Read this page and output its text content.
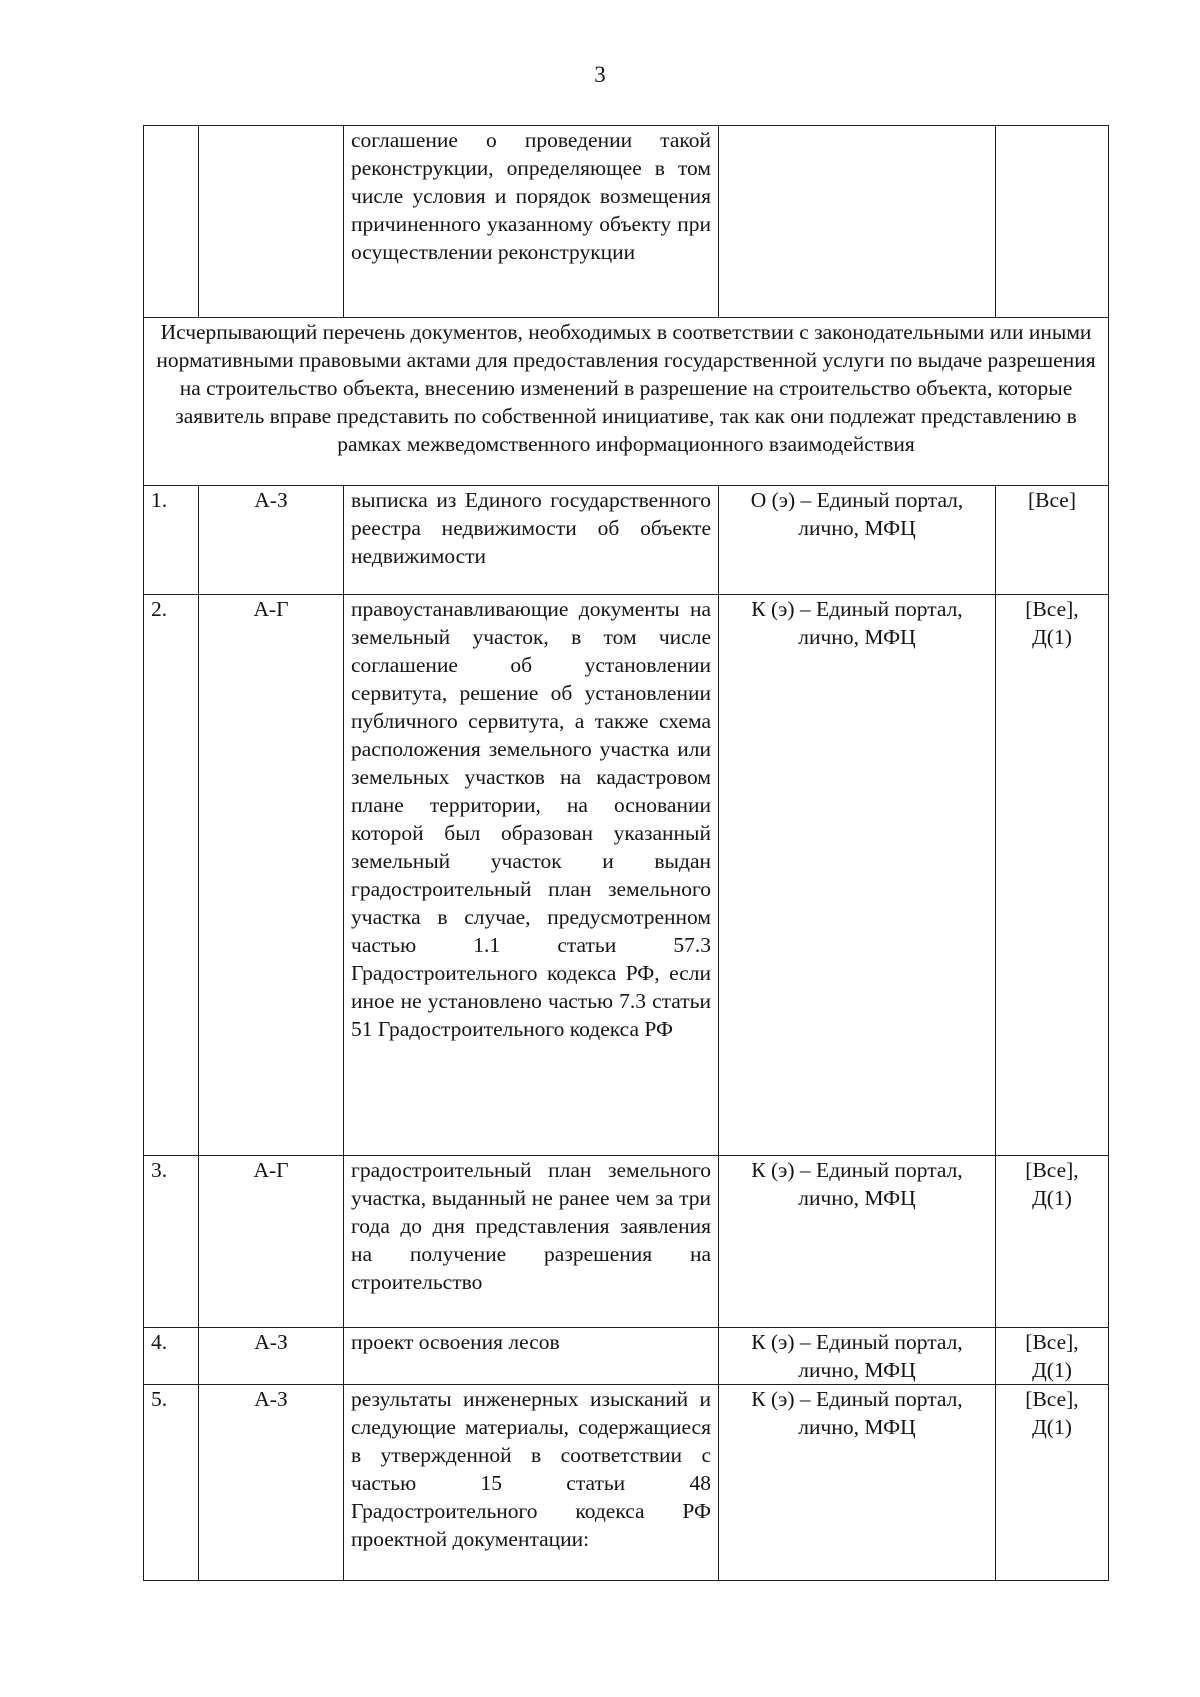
3
		соглашение о проведении такой реконструкции, определяющее в том числе условия и порядок возмещения причиненного указанному объекту при осуществлении реконструкции		
Исчерпывающий перечень документов, необходимых в соответствии с законодательными или иными нормативными правовыми актами для предоставления государственной услуги по выдаче разрешения на строительство объекта, внесению изменений в разрешение на строительство объекта, которые заявитель вправе представить по собственной инициативе, так как они подлежат представлению в рамках межведомственного информационного взаимодействия				
1.	А-З	выписка из Единого государственного реестра недвижимости об объекте недвижимости	О (э) – Единый портал, лично, МФЦ	[Все]
2.	А-Г	правоустанавливающие документы на земельный участок, в том числе соглашение об установлении сервитута, решение об установлении публичного сервитута, а также схема расположения земельного участка или земельных участков на кадастровом плане территории, на основании которой был образован указанный земельный участок и выдан градостроительный план земельного участка в случае, предусмотренном частью 1.1 статьи 57.3 Градостроительного кодекса РФ, если иное не установлено частью 7.3 статьи 51 Градостроительного кодекса РФ	К (э) – Единый портал, лично, МФЦ	[Все], Д(1)
3.	А-Г	градостроительный план земельного участка, выданный не ранее чем за три года до дня представления заявления на получение разрешения на строительство	К (э) – Единый портал, лично, МФЦ	[Все], Д(1)
4.	А-З	проект освоения лесов	К (э) – Единый портал, лично, МФЦ	[Все], Д(1)
5.	А-З	результаты инженерных изысканий и следующие материалы, содержащиеся в утвержденной в соответствии с частью 15 статьи 48 Градостроительного кодекса РФ проектной документации:	К (э) – Единый портал, лично, МФЦ	[Все], Д(1)
